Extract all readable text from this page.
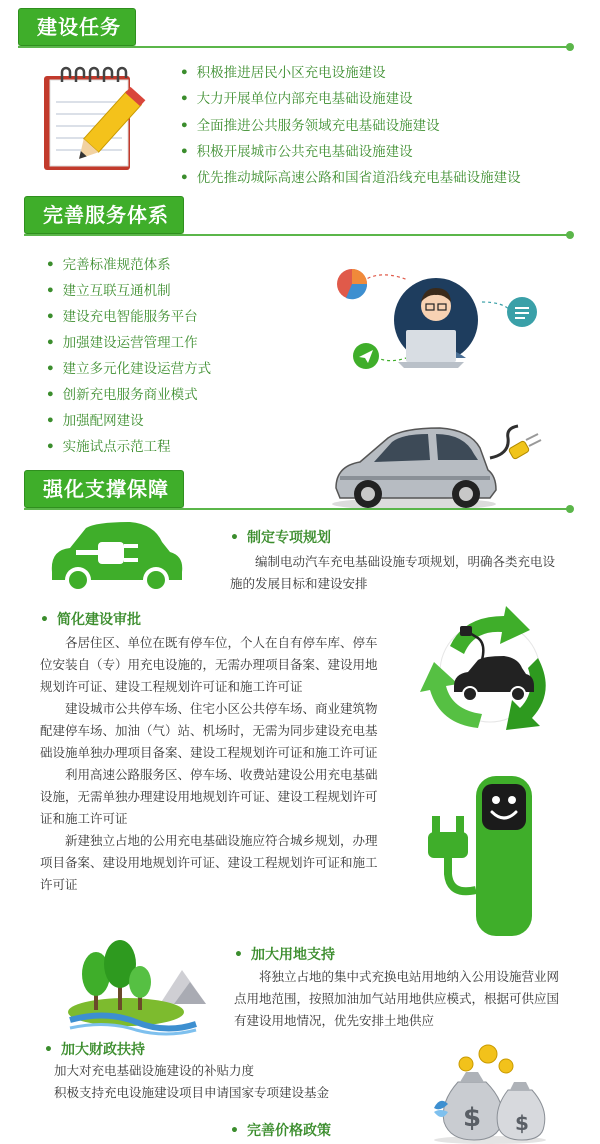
建设任务
• 积极推进居民小区充电设施建设
• 大力开展单位内部充电基础设施建设
• 全面推进公共服务领域充电基础设施建设
• 积极开展城市公共充电基础设施建设
• 优先推动城际高速公路和国省道沿线充电基础设施建设
完善服务体系
• 完善标准规范体系
• 建立互联互通机制
• 建设充电智能服务平台
• 加强建设运营管理工作
• 建立多元化建设运营方式
• 创新充电服务商业模式
• 加强配网建设
• 实施试点示范工程
强化支撑保障
• 制定专项规划

编制电动汽车充电基础设施专项规划，明确各类充电设施的发展目标和建设安排

• 简化建设审批

各居住区、单位在既有停车位，个人在自有停车库、停车位安装自（专）用充电设施的，无需办理项目备案、建设用地规划许可证、建设工程规划许可证和施工许可证

建设城市公共停车场、住宅小区公共停车场、商业建筑物配建停车场、加油（气）站、机场时，无需为同步建设充电基础设施单独办理项目备案、建设工程规划许可证和施工许可证

利用高速公路服务区、停车场、收费站建设公用充电基础设施，无需单独办理建设用地规划许可证、建设工程规划许可证和施工许可证

新建独立占地的公用充电基础设施应符合城乡规划，办理项目备案、建设用地规划许可证、建设工程规划许可证和施工许可证

• 加大用地支持

将独立占地的集中式充换电站用地纳入公用设施营业网点用地范围，按照加油加气站用地供应模式，根据可供应国有建设用地情况，优先安排土地供应

• 加大财政扶持
加大对充电基础设施建设的补贴力度
积极支持充电设施建设项目申请国家专项建设基金
$ $
• 完善价格政策
